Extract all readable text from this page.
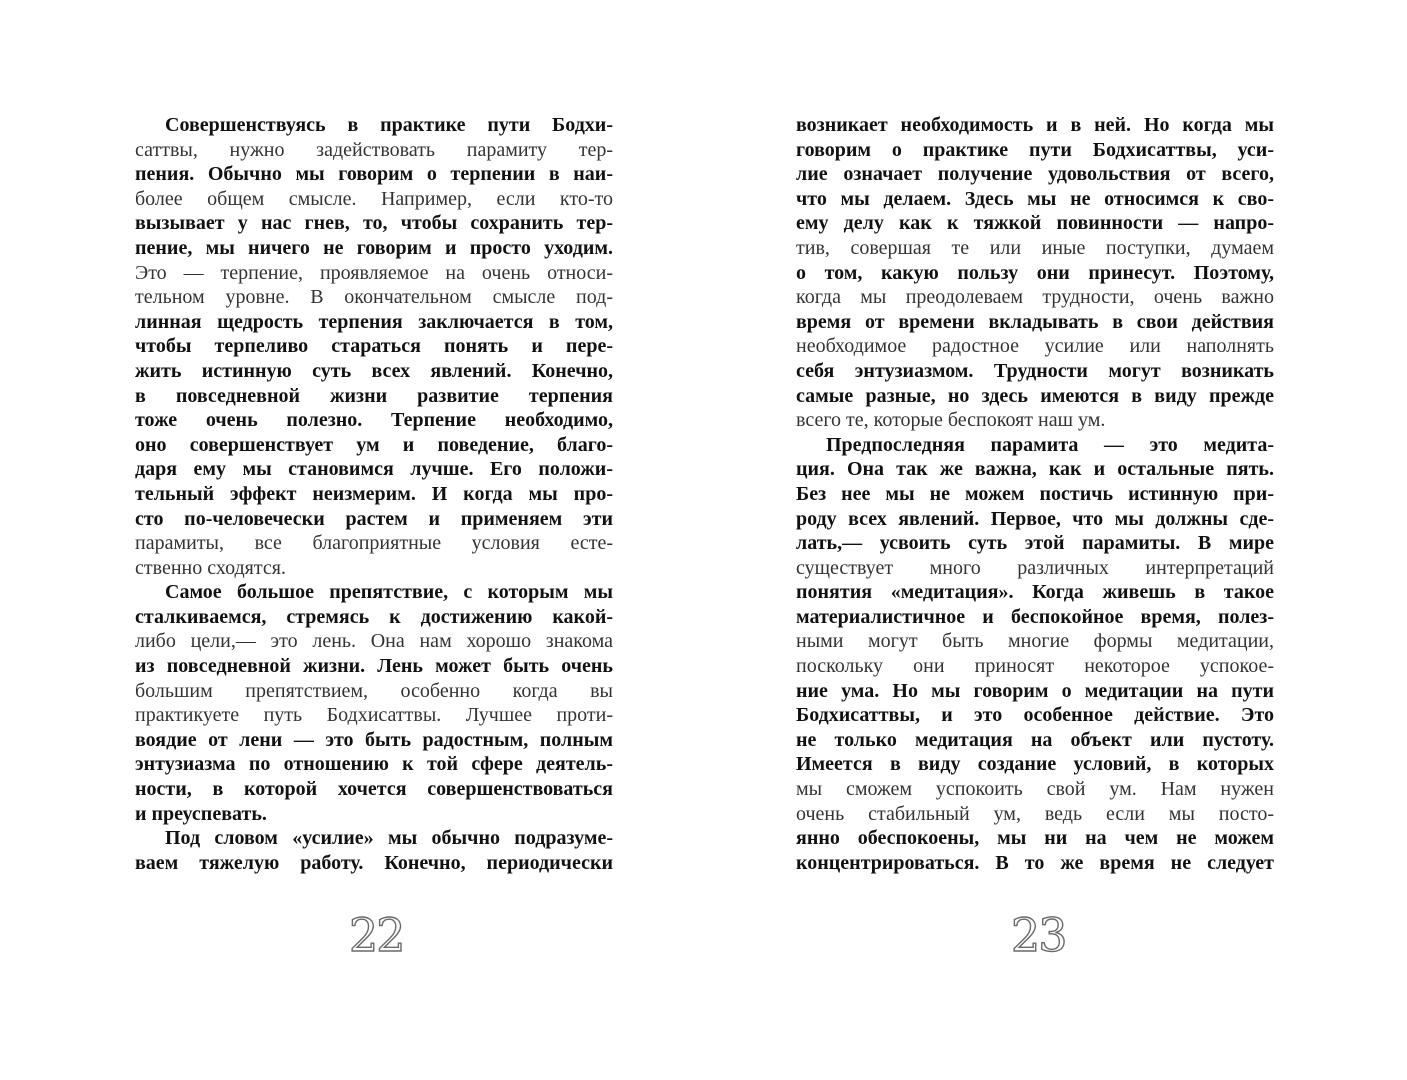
Совершенствуясь в практике пути Бодхи-
саттвы, нужно задействовать парамиту тер-
пения. Обычно мы говорим о терпении в наи-
более общем смысле. Например, если кто-то
вызывает у нас гнев, то, чтобы сохранить тер-
пение, мы ничего не говорим и просто уходим.
Это — терпение, проявляемое на очень относи-
тельном уровне. В окончательном смысле под-
линная щедрость терпения заключается в том,
чтобы терпеливо стараться понять и пере-
жить истинную суть всех явлений. Конечно,
в повседневной жизни развитие терпения
тоже очень полезно. Терпение необходимо,
оно совершенствует ум и поведение, благо-
даря ему мы становимся лучше. Его положи-
тельный эффект неизмерим. И когда мы про-
сто по-человечески растем и применяем эти
парамиты, все благоприятные условия есте-
ственно сходятся.
Самое большое препятствие, с которым мы
сталкиваемся, стремясь к достижению какой-
либо цели,— это лень. Она нам хорошо знакома
из повседневной жизни. Лень может быть очень
большим препятствием, особенно когда вы
практикуете путь Бодхисаттвы. Лучшее проти-
воядие от лени — это быть радостным, полным
энтузиазма по отношению к той сфере деятель-
ности, в которой хочется совершенствоваться
и преуспевать.
Под словом «усилие» мы обычно подразуме-
ваем тяжелую работу. Конечно, периодически
22
возникает необходимость и в ней. Но когда мы
говорим о практике пути Бодхисаттвы, уси-
лие означает получение удовольствия от всего,
что мы делаем. Здесь мы не относимся к сво-
ему делу как к тяжкой повинности — напро-
тив, совершая те или иные поступки, думаем
о том, какую пользу они принесут. Поэтому,
когда мы преодолеваем трудности, очень важно
время от времени вкладывать в свои действия
необходимое радостное усилие или наполнять
себя энтузиазмом. Трудности могут возникать
самые разные, но здесь имеются в виду прежде
всего те, которые беспокоят наш ум.
Предпоследняя парамита — это медита-
ция. Она так же важна, как и остальные пять.
Без нее мы не можем постичь истинную при-
роду всех явлений. Первое, что мы должны сде-
лать,— усвоить суть этой парамиты. В мире
существует много различных интерпретаций
понятия «медитация». Когда живешь в такое
материалистичное и беспокойное время, полез-
ными могут быть многие формы медитации,
поскольку они приносят некоторое успокое-
ние ума. Но мы говорим о медитации на пути
Бодхисаттвы, и это особенное действие. Это
не только медитация на объект или пустоту.
Имеется в виду создание условий, в которых
мы сможем успокоить свой ум. Нам нужен
очень стабильный ум, ведь если мы посто-
янно обеспокоены, мы ни на чем не можем
концентрироваться. В то же время не следует
23
